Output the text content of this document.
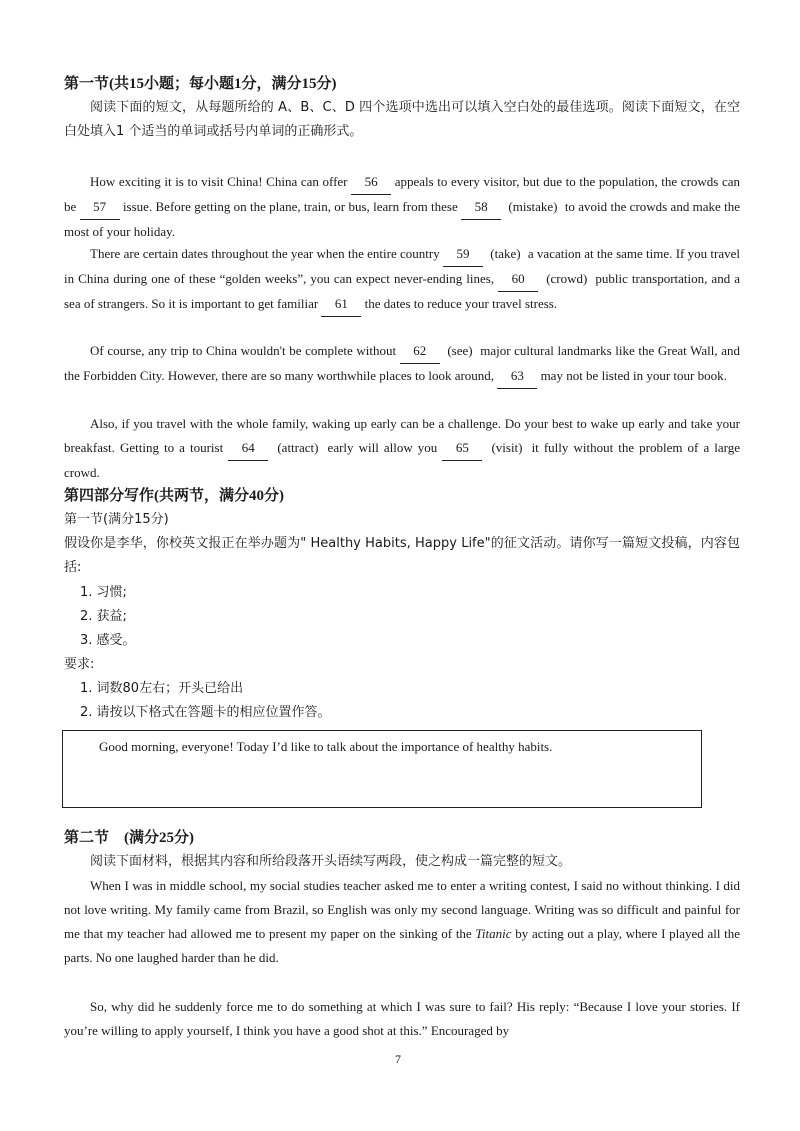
第一节(共15小题；每小题1分，满分15分)

阅读下面的短文，从每题所给的 A、B、C、D 四个选项中选出可以填入空白处的最佳选项。阅读下面短文，在空白处填入1 个适当的单词或括号内单词的正确形式。

How exciting it is to visit China! China can offer 56 appeals to every visitor, but due to the population, the crowds can be 57 issue. Before getting on the plane, train, or bus, learn from these 58 (mistake) to avoid the crowds and make the most of your holiday.

There are certain dates throughout the year when the entire country 59 (take) a vacation at the same time. If you travel in China during one of these “golden weeks”, you can expect never-ending lines, 60 (crowd) public transportation, and a sea of strangers. So it is important to get familiar 61 the dates to reduce your travel stress.

Of course, any trip to China wouldn't be complete without 62 (see) major cultural landmarks like the Great Wall, and the Forbidden City. However, there are so many worthwhile places to look around, 63 may not be listed in your tour book.

Also, if you travel with the whole family, waking up early can be a challenge. Do your best to wake up early and take your breakfast. Getting to a tourist 64 (attract) early will allow you 65 (visit) it fully without the problem of a large crowd.

第四部分写作(共两节，满分40分)
第一节(满分15分)

假设你是李华，你校英文报正在举办题为" Healthy Habits, Happy Life"的征文活动。请你写一篇短文投稿，内容包括:

1. 习惯;
2. 获益;
3. 感受。
要求:
1. 词数80左右；开头已给出
2. 请按以下格式在答题卡的相应位置作答。
Good morning, everyone! Today I’d like to talk about the importance of healthy habits.
第二节　(满分25分)

阅读下面材料，根据其内容和所给段落开头语续写两段，使之构成一篇完整的短文。

When I was in middle school, my social studies teacher asked me to enter a writing contest, I said no without thinking. I did not love writing. My family came from Brazil, so English was only my second language. Writing was so difficult and painful for me that my teacher had allowed me to present my paper on the sinking of the Titanic by acting out a play, where I played all the parts. No one laughed harder than he did.

So, why did he suddenly force me to do something at which I was sure to fail? His reply: “Because I love your stories. If you’re willing to apply yourself, I think you have a good shot at this.” Encouraged by

7
